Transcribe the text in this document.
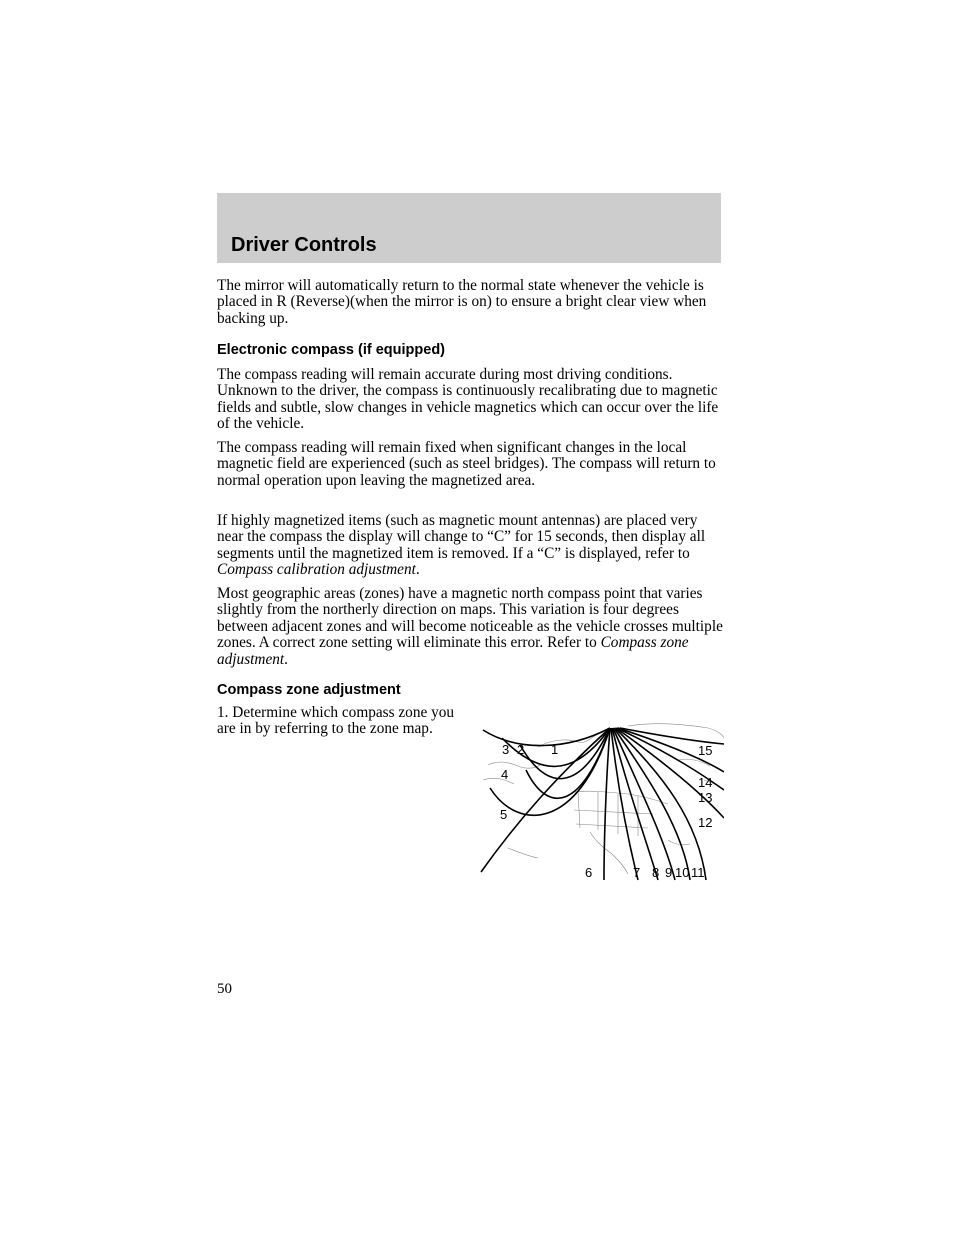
Driver Controls

The mirror will automatically return to the normal state whenever the vehicle is placed in R (Reverse)(when the mirror is on) to ensure a bright clear view when backing up.

Electronic compass (if equipped)

The compass reading will remain accurate during most driving conditions. Unknown to the driver, the compass is continuously recalibrating due to magnetic fields and subtle, slow changes in vehicle magnetics which can occur over the life of the vehicle.

The compass reading will remain fixed when significant changes in the local magnetic field are experienced (such as steel bridges). The compass will return to normal operation upon leaving the magnetized area.

If highly magnetized items (such as magnetic mount antennas) are placed very near the compass the display will change to “C” for 15 seconds, then display all segments until the magnetized item is removed. If a “C” is displayed, refer to Compass calibration adjustment.

Most geographic areas (zones) have a magnetic north compass point that varies slightly from the northerly direction on maps. This variation is four degrees between adjacent zones and will become noticeable as the vehicle crosses multiple zones. A correct zone setting will eliminate this error. Refer to Compass zone adjustment.

Compass zone adjustment

1. Determine which compass zone you are in by referring to the zone map.

3 2 1
4
5
6	7 8 9 10 11
12
13
14
15

50
